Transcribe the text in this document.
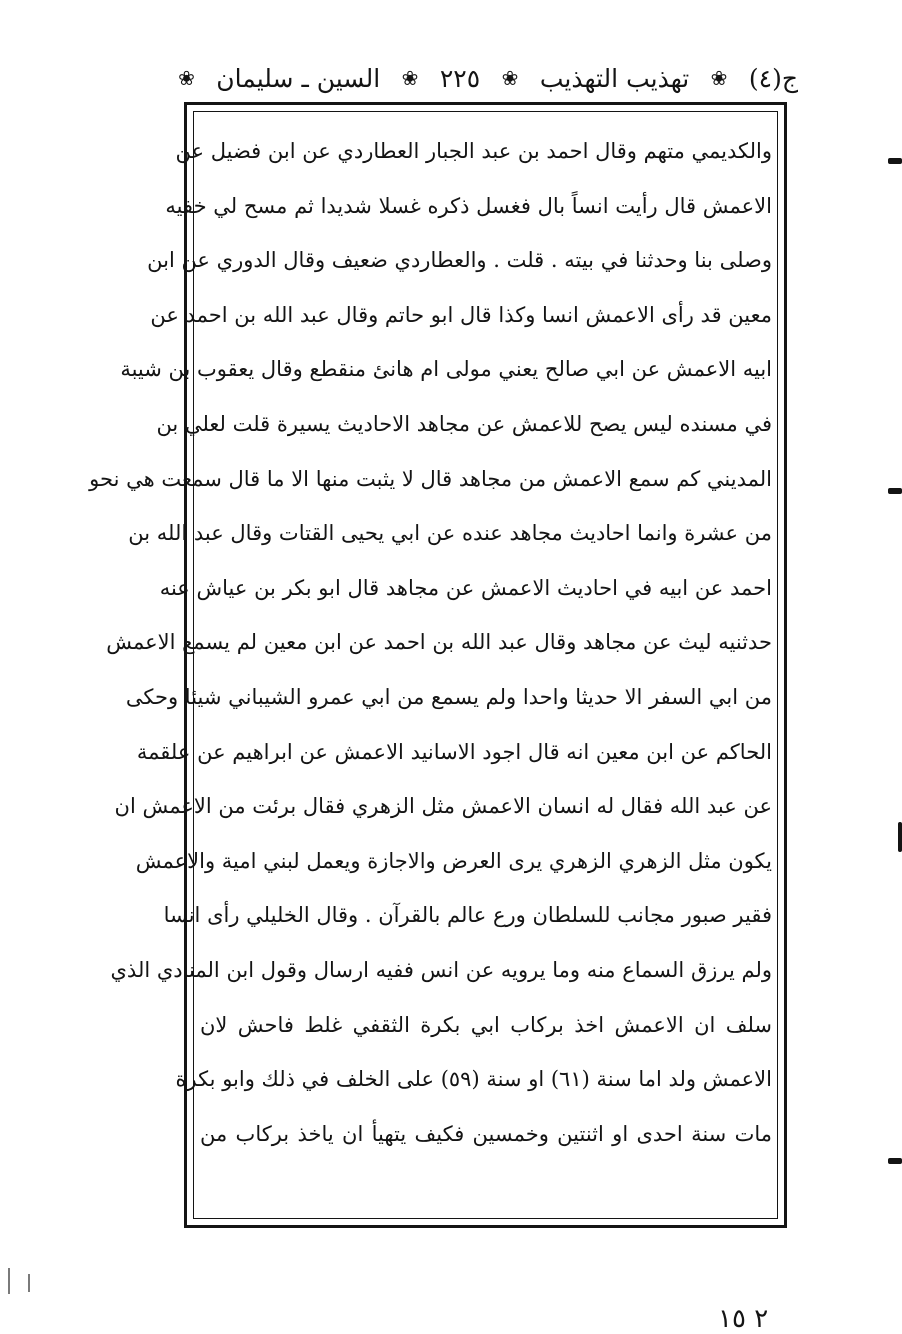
ج(٤)
❀
تهذيب التهذيب
❀
٢٢٥
❀
السين ـ سليمان
❀
والكديمي متهم وقال احمد بن عبد الجبار العطاردي عن ابن فضيل عن
الاعمش قال رأيت انساً بال فغسل ذكره غسلا شديدا ثم مسح لي خفيه
وصلى بنا وحدثنا في بيته . قلت . والعطاردي ضعيف وقال الدوري عن ابن
معين قد رأى الاعمش انسا وكذا قال ابو حاتم وقال عبد الله بن احمد عن
ابيه الاعمش عن ابي صالح يعني مولى ام هانئ منقطع وقال يعقوب بن شيبة
في مسنده ليس يصح للاعمش عن مجاهد الاحاديث يسيرة قلت لعلي بن
المديني كم سمع الاعمش من مجاهد قال لا يثبت منها الا ما قال سمعت هي نحو
من عشرة وانما احاديث مجاهد عنده عن ابي يحيى القتات وقال عبد الله بن
احمد عن ابيه في احاديث الاعمش عن مجاهد قال ابو بكر بن عياش عنه
حدثنيه ليث عن مجاهد وقال عبد الله بن احمد عن ابن معين لم يسمع الاعمش
من ابي السفر الا حديثا واحدا ولم يسمع من ابي عمرو الشيباني شيئا وحكى
الحاكم عن ابن معين انه قال اجود الاسانيد الاعمش عن ابراهيم عن علقمة
عن عبد الله فقال له انسان الاعمش مثل الزهري فقال برئت من الاعمش ان
يكون مثل الزهري الزهري يرى العرض والاجازة ويعمل لبني امية والاعمش
فقير صبور مجانب للسلطان ورع عالم بالقرآن . وقال الخليلي رأى انسا
ولم يرزق السماع منه وما يرويه عن انس ففيه ارسال وقول ابن المنادي الذي
سلف ان الاعمش اخذ بركاب ابي بكرة الثقفي غلط فاحش لان
الاعمش ولد اما سنة (٦١) او سنة (٥٩) على الخلف في ذلك وابو بكرة
مات سنة احدى او اثنتين وخمسين فكيف يتهيأ ان ياخذ بركاب من
٢ ١٥
